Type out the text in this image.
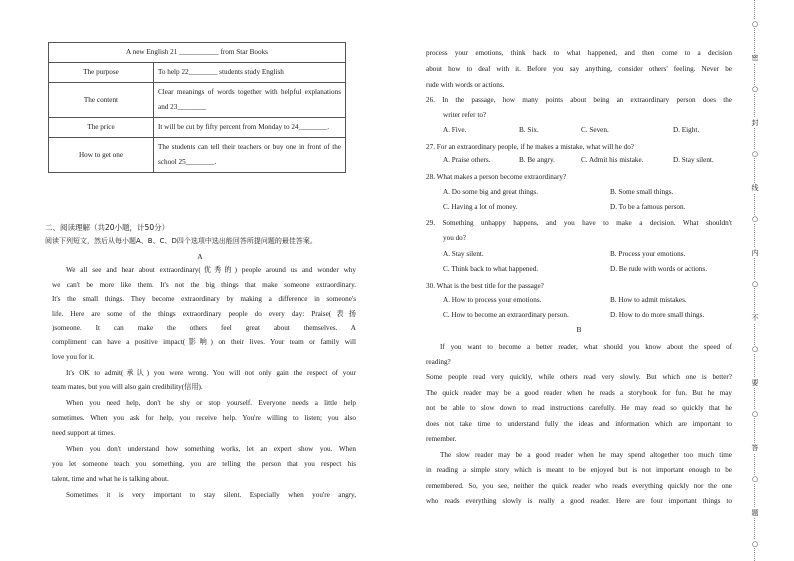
A new English 21 ___________ from Star Books	
The purpose	To help 22________ students study English
The content	Clear meanings of words together with helpful explanations and 23________
The price	It will be cut by fifty percent from Monday to 24________.
How to get one	The students can tell their teachers or buy one in front of the school 25________.
二、阅读理解（共20小题，计50分）
阅读下列短文，然后从每小题A、B、C、D四个选项中选出能回答所提问题的最佳答案。
A
We all see and hear about extraordinary(优秀的) people around us and wonder why
we can't be more like them. It's not the big things that make someone extraordinary.
It's the small things. They become extraordinary by making a difference in someone's
life. Here are some of the things extraordinary people do every day: Praise(表扬
)someone. It can make the others feel great about themselves. A
compliment can have a positive impact(影响) on their lives. Your team or family will
love you for it.
It's OK to admit(承认) you were wrong. You will not only gain the respect of your
team mates, but you will also gain credibility(信用).
When you need help, don't be shy or stop yourself. Everyone needs a little help
sometimes. When you ask for help, you receive help. You're willing to listen; you also
need support at times.
When you don't understand how something works, let an expert show you. When
you let someone teach you something, you are telling the person that you respect his
talent, time and what he is talking about.
Sometimes it is very important to stay silent. Especially when you're angry,
process your emotions, think back to what happened, and then come to a decision
about how to deal with it. Before you say anything, consider others' feeling. Never be
rude with words or actions.
26. In the passage, how many points about being an extraordinary person does the
writer refer to?
A. Five.	B. Six.	C. Seven.	D. Eight.
27. For an extraordinary people, if he makes a mistake, what will he do?
A. Praise others.	B. Be angry.	C. Admit his mistake.	D. Stay silent.
28. What makes a person become extraordinary?
A. Do some big and great things.	B. Some small things.
C. Having a lot of money.	D. To be a famous person.
29. Something unhappy happens, and you have to make a decision. What shouldn't
you do?
A. Stay silent.	B. Process your emotions.
C. Think back to what happened.	D. Be rude with words or actions.
30. What is the best title for the passage?
A. How to process your emotions.	B. How to admit mistakes.
C. How to become an extraordinary person.	D. How to do more small things.
B
If you want to become a better reader, what should you know about the speed of
reading?
Some people read very quickly, while others read very slowly. But which one is better?
The quick reader may be a good reader when he reads a storybook for fun. But he may
not be able to slow down to read instructions carefully. He may read so quickly that he
does not take time to understand fully the ideas and information which are important to
remember.
The slow reader may be a good reader when he may spend altogether too much time
in reading a simple story which is meant to be enjoyed but is not important enough to be
remembered. So, you see, neither the quick reader who reads everything quickly nor the one
who reads everything slowly is really a good reader. Here are four important things to
○
密
○
封
○
线
○
内
○
不
○
要
○
答
○
题
○
